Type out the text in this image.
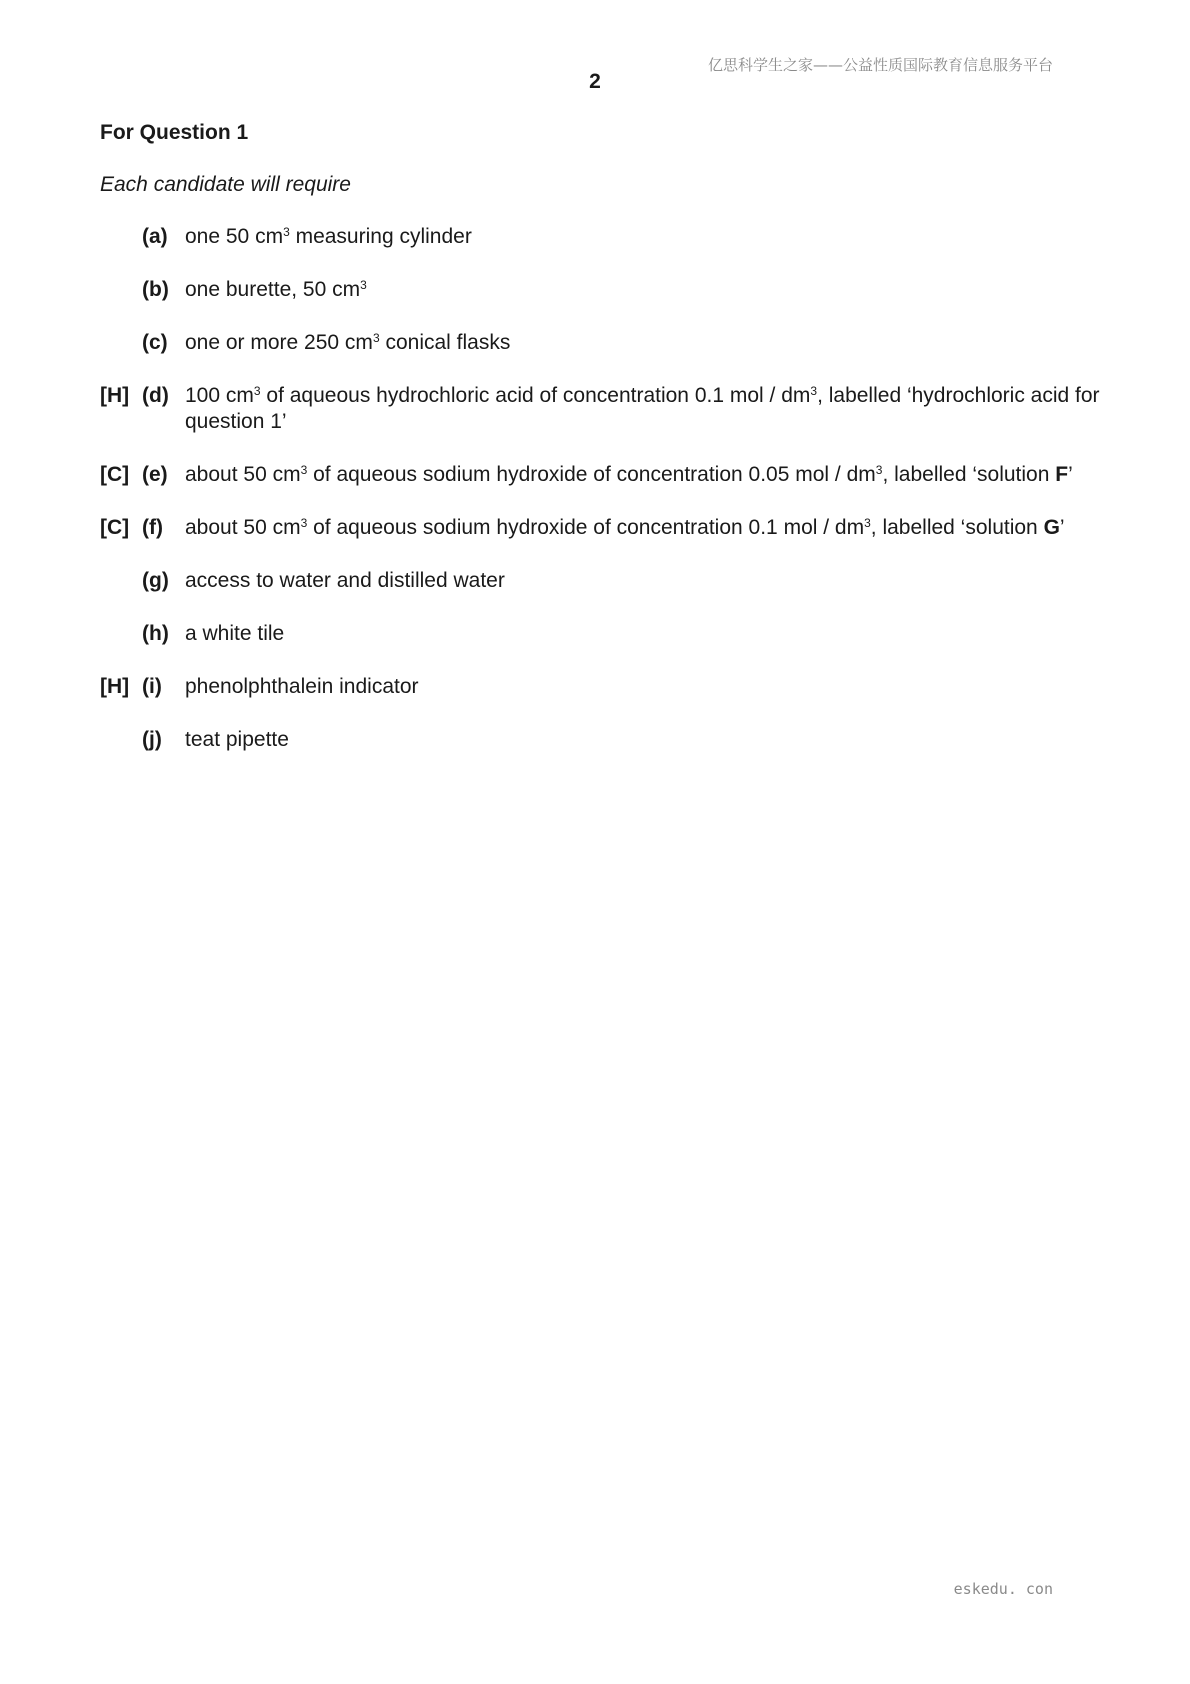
亿思科学生之家——公益性质国际教育信息服务平台
2
For Question 1
Each candidate will require
(a) one 50 $cm^3$ measuring cylinder
(b) one burette, 50 $cm^3$
(c) one or more 250 $cm^3$ conical flasks
[H] (d) 100 $cm^3$ of aqueous hydrochloric acid of concentration 0.1 mol / $dm^3$, labelled ‘hydrochloric acid for question 1’
[C] (e) about 50 $cm^3$ of aqueous sodium hydroxide of concentration 0.05 mol / $dm^3$, labelled ‘solution F’
[C] (f) about 50 $cm^3$ of aqueous sodium hydroxide of concentration 0.1 mol / $dm^3$, labelled ‘solution G’
(g) access to water and distilled water
(h) a white tile
[H] (i) phenolphthalein indicator
(j) teat pipette
eskedu. con
